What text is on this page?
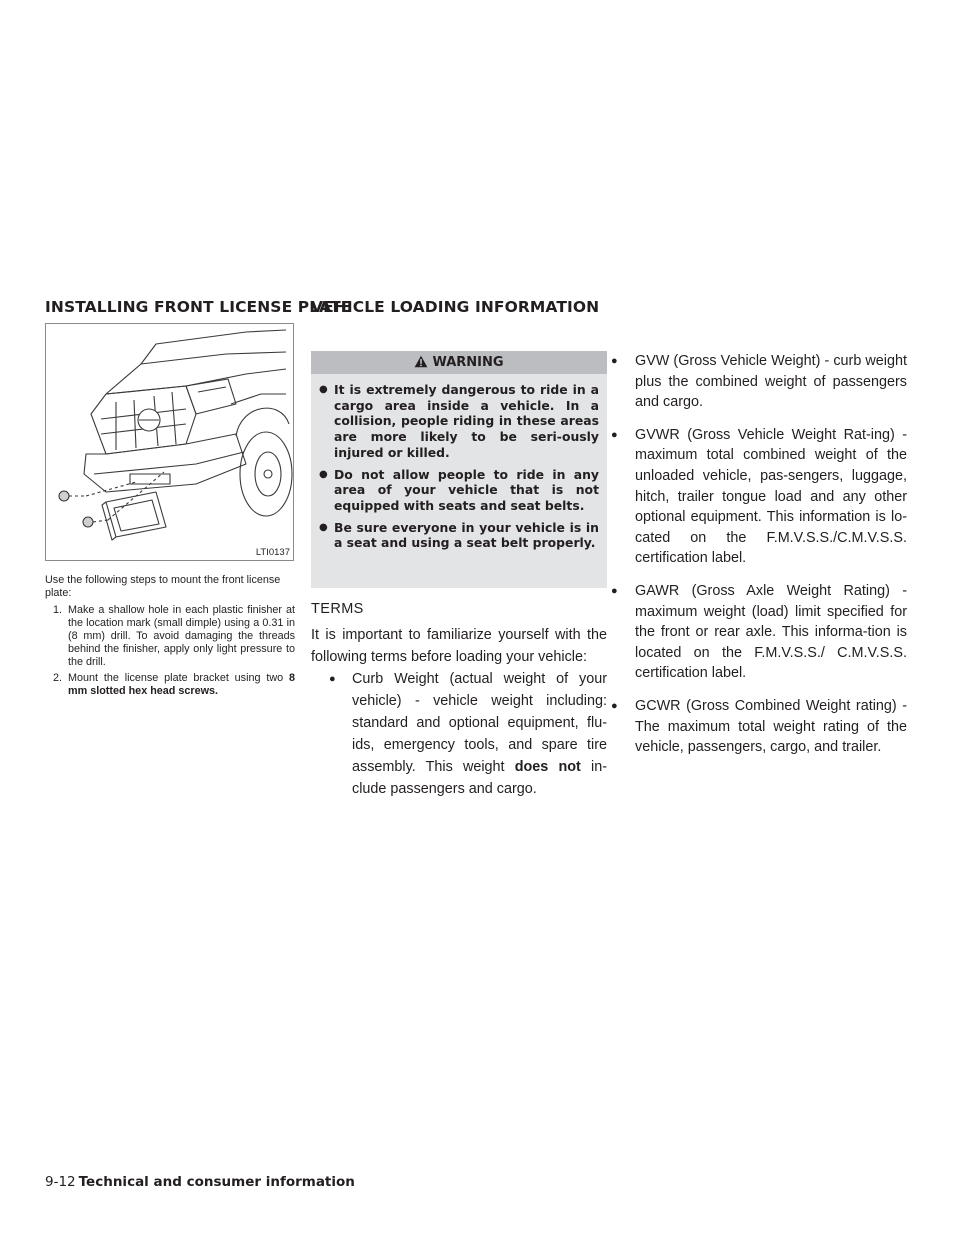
INSTALLING FRONT LICENSE PLATE
VEHICLE LOADING INFORMATION
LTI0137

Use the following steps to mount the front license plate:

1. Make a shallow hole in each plastic finisher at the location mark (small dimple) using a 0.31 in (8 mm) drill. To avoid damaging the threads behind the finisher, apply only light pressure to the drill.
2. Mount the license plate bracket using two 8 mm slotted hex head screws.
WARNING
● It is extremely dangerous to ride in a cargo area inside a vehicle. In a collision, people riding in these areas are more likely to be seri-ously injured or killed.
● Do not allow people to ride in any area of your vehicle that is not equipped with seats and seat belts.
● Be sure everyone in your vehicle is in a seat and using a seat belt properly.
TERMS

It is important to familiarize yourself with the following terms before loading your vehicle:

● Curb Weight (actual weight of your vehicle) - vehicle weight including: standard and optional equipment, flu-ids, emergency tools, and spare tire assembly. This weight does not in-clude passengers and cargo.
● GVW (Gross Vehicle Weight) - curb weight plus the combined weight of passengers and cargo.
● GVWR (Gross Vehicle Weight Rat-ing) - maximum total combined weight of the unloaded vehicle, pas-sengers, luggage, hitch, trailer tongue load and any other optional equipment. This information is lo-cated on the F.M.V.S.S./C.M.V.S.S. certification label.
● GAWR (Gross Axle Weight Rating) - maximum weight (load) limit specified for the front or rear axle. This informa-tion is located on the F.M.V.S.S./ C.M.V.S.S. certification label.
● GCWR (Gross Combined Weight rating) - The maximum total weight rating of the vehicle, passengers, cargo, and trailer.
9-12 Technical and consumer information
